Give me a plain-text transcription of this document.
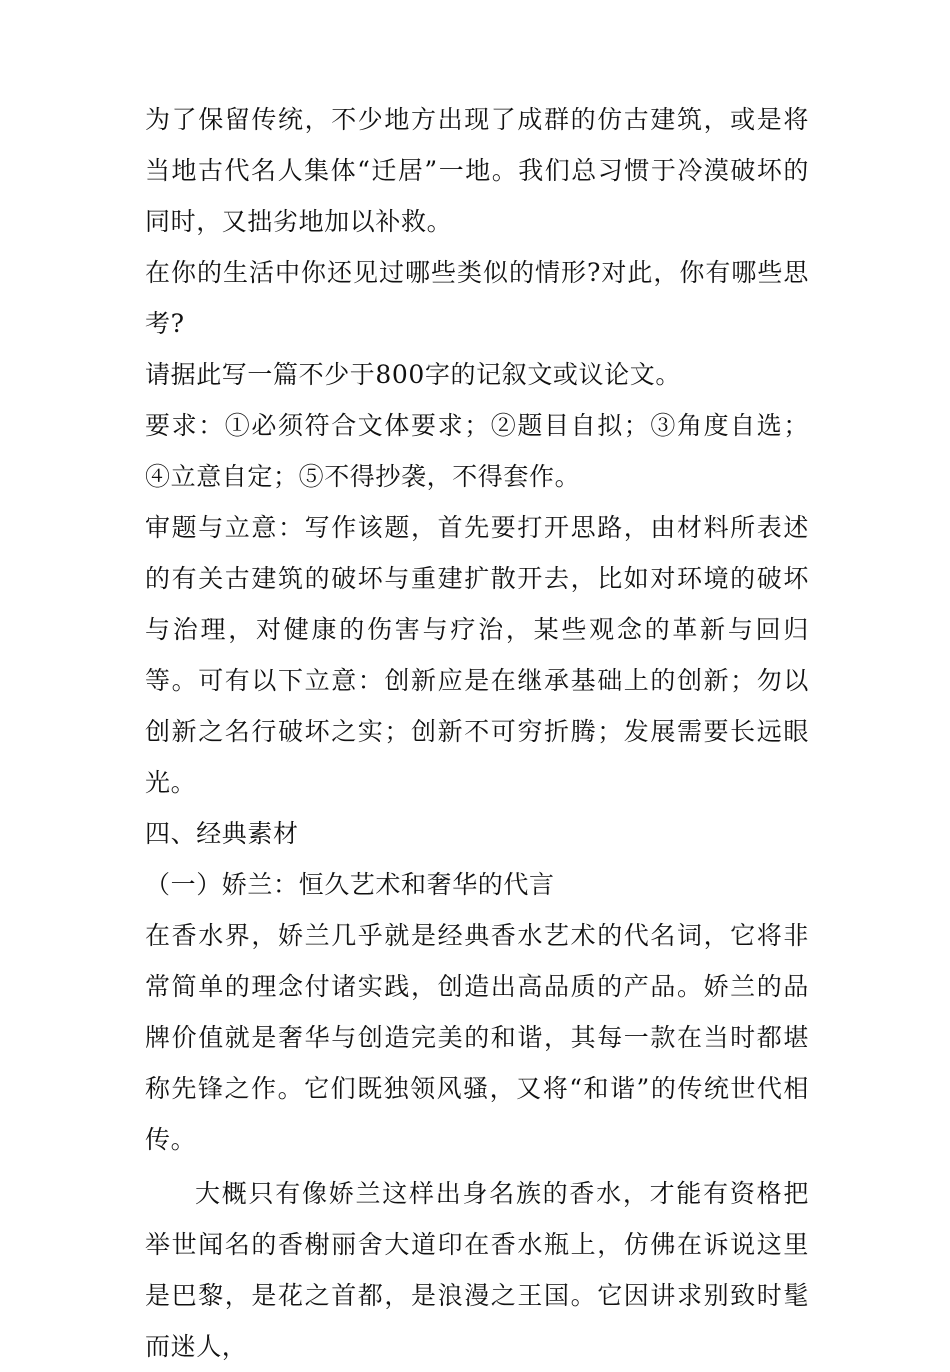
为了保留传统，不少地方出现了成群的仿古建筑，或是将当地古代名人集体“迁居”一地。我们总习惯于冷漠破坏的同时，又拙劣地加以补救。

在你的生活中你还见过哪些类似的情形?对此，你有哪些思考?

请据此写一篇不少于800字的记叙文或议论文。

要求：①必须符合文体要求；②题目自拟；③角度自选；④立意自定；⑤不得抄袭，不得套作。

审题与立意：写作该题，首先要打开思路，由材料所表述的有关古建筑的破坏与重建扩散开去，比如对环境的破坏与治理，对健康的伤害与疗治，某些观念的革新与回归等。可有以下立意：创新应是在继承基础上的创新；勿以创新之名行破坏之实；创新不可穷折腾；发展需要长远眼光。

四、经典素材

（一）娇兰：恒久艺术和奢华的代言

在香水界，娇兰几乎就是经典香水艺术的代名词，它将非常简单的理念付诸实践，创造出高品质的产品。娇兰的品牌价值就是奢华与创造完美的和谐，其每一款在当时都堪称先锋之作。它们既独领风骚，又将“和谐”的传统世代相传。

大概只有像娇兰这样出身名族的香水，才能有资格把举世闻名的香榭丽舍大道印在香水瓶上，仿佛在诉说这里是巴黎，是花之首都，是浪漫之王国。它因讲求别致时髦而迷人，
